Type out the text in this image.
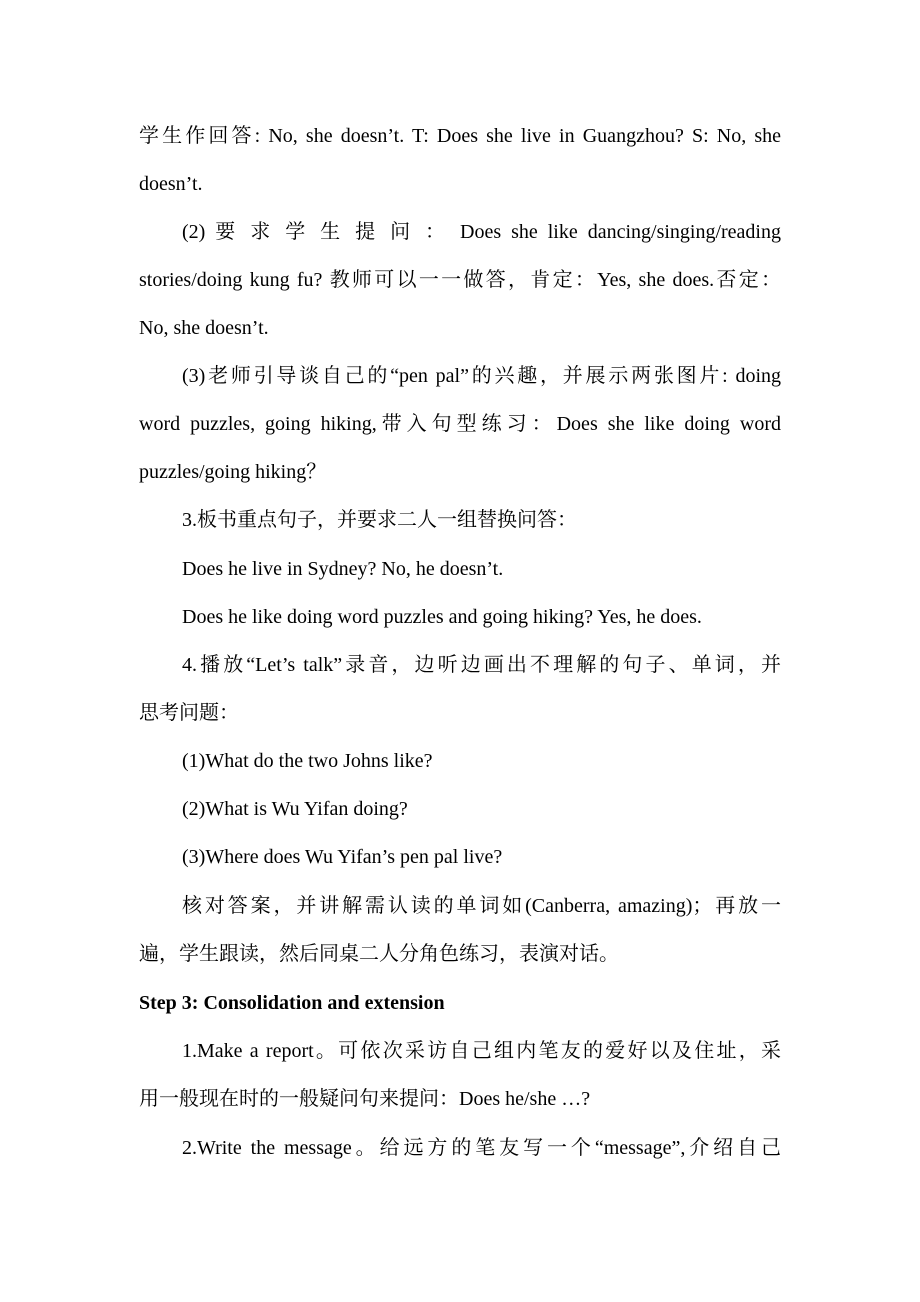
学生作回答: No, she doesn’t. T: Does she live in Guangzhou? S: No, she
doesn’t.
(2) 要 求 学 生 提 问 ： Does she like dancing/singing/reading
stories/doing kung fu? 教师可以一一做答，肯定：Yes, she does.否定：
No, she doesn’t.
(3)老师引导谈自己的“pen pal”的兴趣，并展示两张图片: doing
word puzzles, going hiking,带入句型练习：Does she like doing word
puzzles/going hiking？
3.板书重点句子，并要求二人一组替换问答：
Does he live in Sydney? No, he doesn’t.
Does he like doing word puzzles and going hiking? Yes, he does.
4.播放“Let’s talk”录音，边听边画出不理解的句子、单词，并
思考问题：
(1)What do the two Johns like?
(2)What is Wu Yifan doing?
(3)Where does Wu Yifan’s pen pal live?
核对答案，并讲解需认读的单词如(Canberra, amazing)；再放一
遍，学生跟读，然后同桌二人分角色练习，表演对话。
Step 3: Consolidation and extension
1.Make a report。可依次采访自己组内笔友的爱好以及住址，采
用一般现在时的一般疑问句来提问：Does he/she …?
2.Write the message。给远方的笔友写一个“message”,介绍自己
